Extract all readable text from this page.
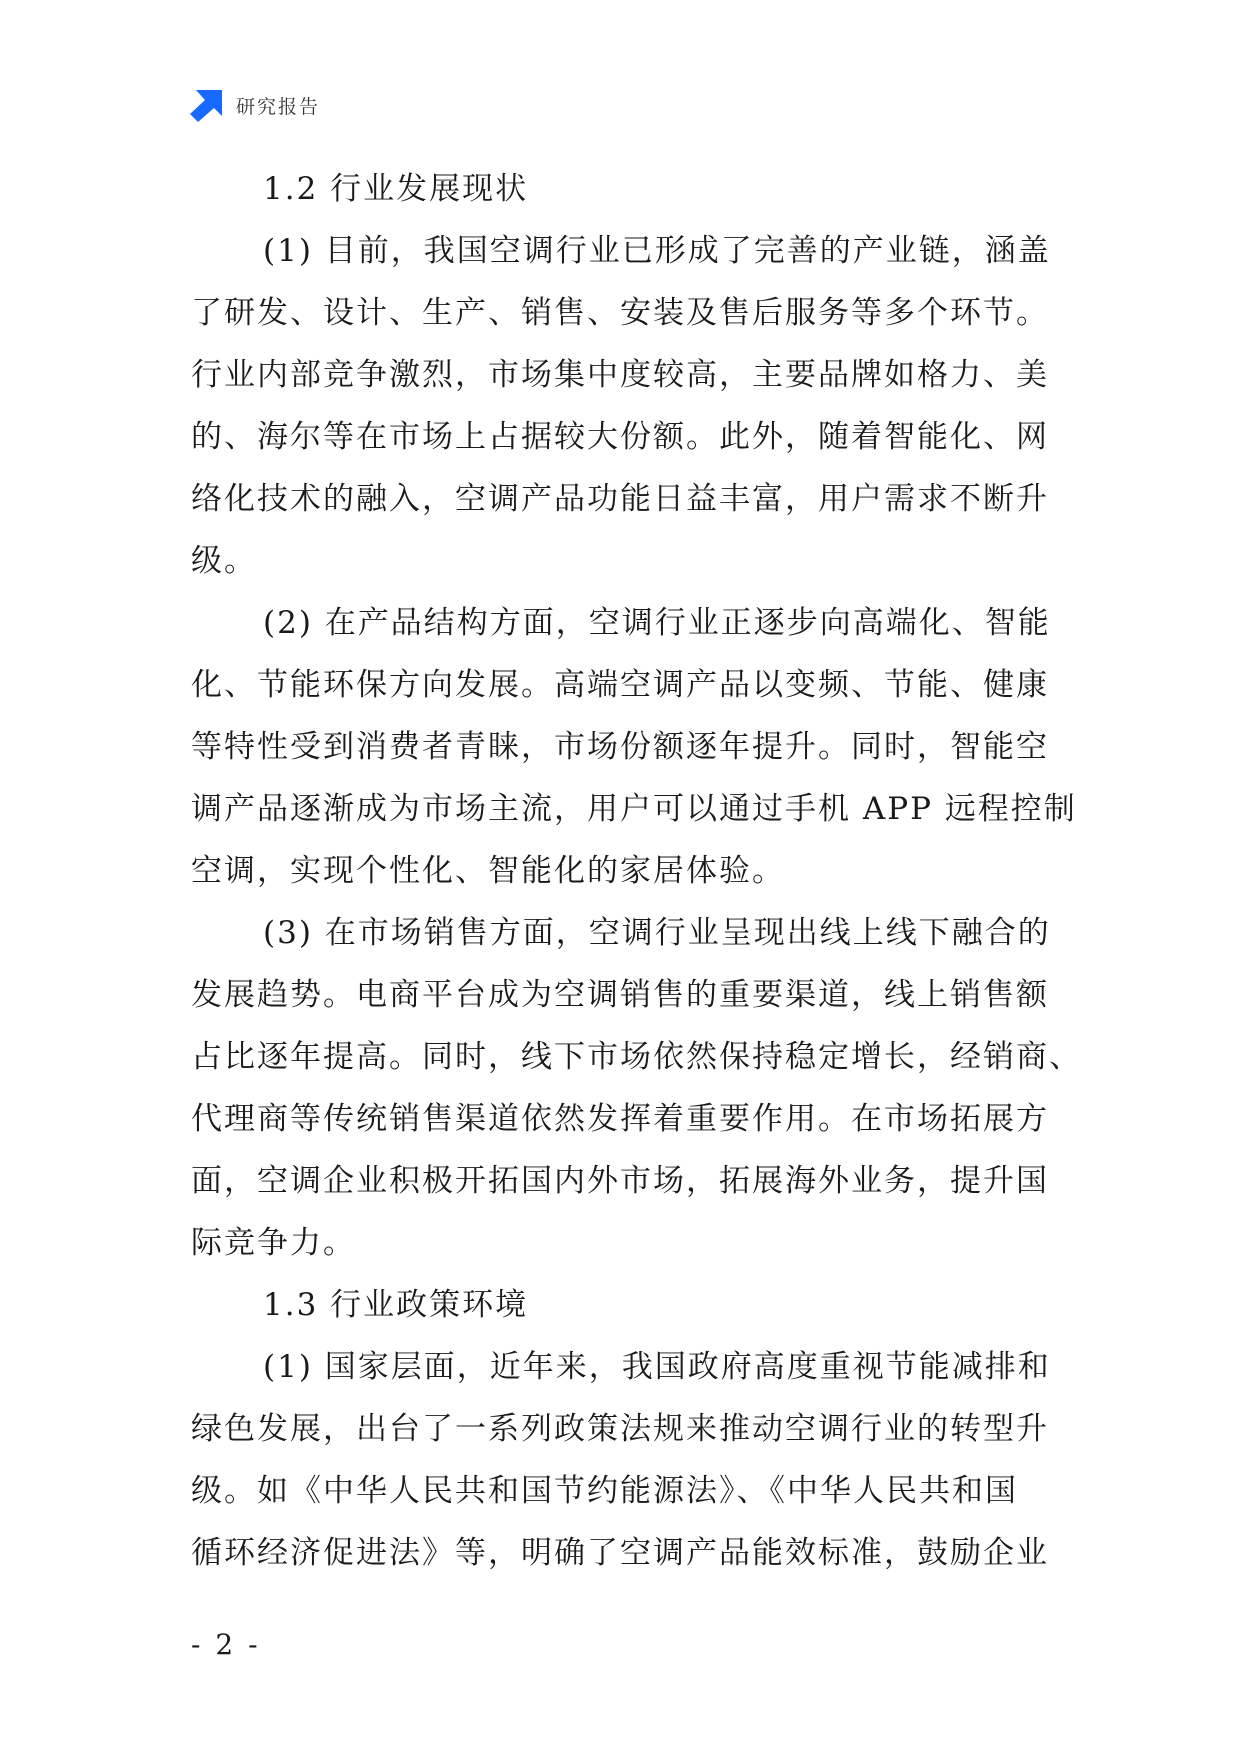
研究报告
1.2 行业发展现状
(1) 目前，我国空调行业已形成了完善的产业链，涵盖
了研发、设计、生产、销售、安装及售后服务等多个环节。
行业内部竞争激烈，市场集中度较高，主要品牌如格力、美
的、海尔等在市场上占据较大份额。此外，随着智能化、网
络化技术的融入，空调产品功能日益丰富，用户需求不断升
级。
(2) 在产品结构方面，空调行业正逐步向高端化、智能
化、节能环保方向发展。高端空调产品以变频、节能、健康
等特性受到消费者青睐，市场份额逐年提升。同时，智能空
调产品逐渐成为市场主流，用户可以通过手机 APP 远程控制
空调，实现个性化、智能化的家居体验。
(3) 在市场销售方面，空调行业呈现出线上线下融合的
发展趋势。电商平台成为空调销售的重要渠道，线上销售额
占比逐年提高。同时，线下市场依然保持稳定增长，经销商、
代理商等传统销售渠道依然发挥着重要作用。在市场拓展方
面，空调企业积极开拓国内外市场，拓展海外业务，提升国
际竞争力。
1.3 行业政策环境
(1) 国家层面，近年来，我国政府高度重视节能减排和
绿色发展，出台了一系列政策法规来推动空调行业的转型升
级。如《中华人民共和国节约能源法》、《中华人民共和国
循环经济促进法》等，明确了空调产品能效标准，鼓励企业
- 2 -
